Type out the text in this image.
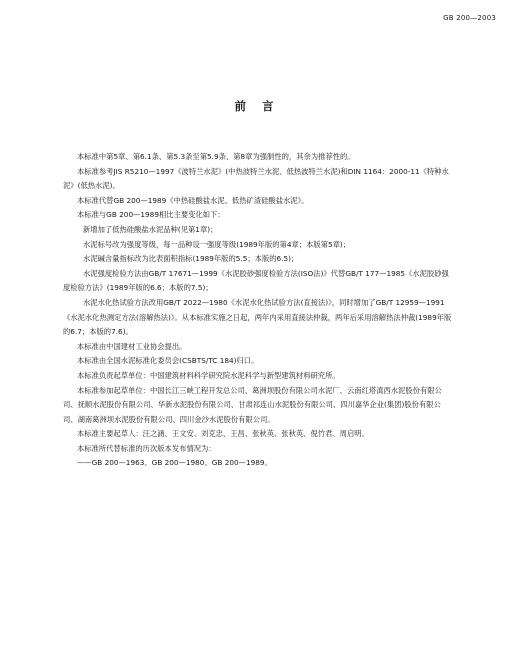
GB 200—2003
前言

本标准中第5章、第6.1条、第5.3条至第5.9条、第8章为强制性的，其余为推荐性的。

本标准参考JIS R5210—1997《波特兰水泥》(中热波特兰水泥、低热波特兰水泥)和DIN 1164：2000-11《特种水泥》(低热水泥)。

本标准代替GB 200—1989《中热硅酸盐水泥、低热矿渣硅酸盐水泥》。

本标准与GB 200—1989相比主要变化如下：

新增加了低热硅酸盐水泥品种(见第1章)；

水泥标号改为强度等级，每一品种设一强度等级(1989年版的第4章；本版第5章)；

水泥碱含量指标改为比表面积指标(1989年版的5.5；本版的6.5)；

水泥强度检验方法由GB/T 17671—1999《水泥胶砂强度检验方法(ISO法)》代替GB/T 177—1985《水泥胶砂强度检验方法》(1989年版的6.6；本版的7.5)；

水泥水化热试验方法改用GB/T 2022—1980《水泥水化热试验方法(直接法)》，同时增加了GB/T 12959—1991《水泥水化热测定方法(溶解热法)》。从本标准实施之日起，两年内采用直接法仲裁，两年后采用溶解热法仲裁(1989年版的6.7；本版的7.6)。

本标准由中国建材工业协会提出。

本标准由全国水泥标准化委员会(CSBTS/TC 184)归口。

本标准负责起草单位：中国建筑材料科学研究院水泥科学与新型建筑材料研究所。

本标准参加起草单位：中国长江三峡工程开发总公司、葛洲坝股份有限公司水泥厂、云南红塔滇西水泥股份有限公司、抚顺水泥股份有限公司、华新水泥股份有限公司、甘肃祁连山水泥股份有限公司、四川嘉华企业(集团)股份有限公司、湖南葛洲坝水泥股份有限公司、四川金沙水泥股份有限公司。

本标准主要起草人：汪之涵、王文安、刘克忠、王昌、张秋英、张秋英、倪竹君、周启明。

本标准所代替标准的历次版本发布情况为：

——GB 200—1963、GB 200—1980、GB 200—1989。
